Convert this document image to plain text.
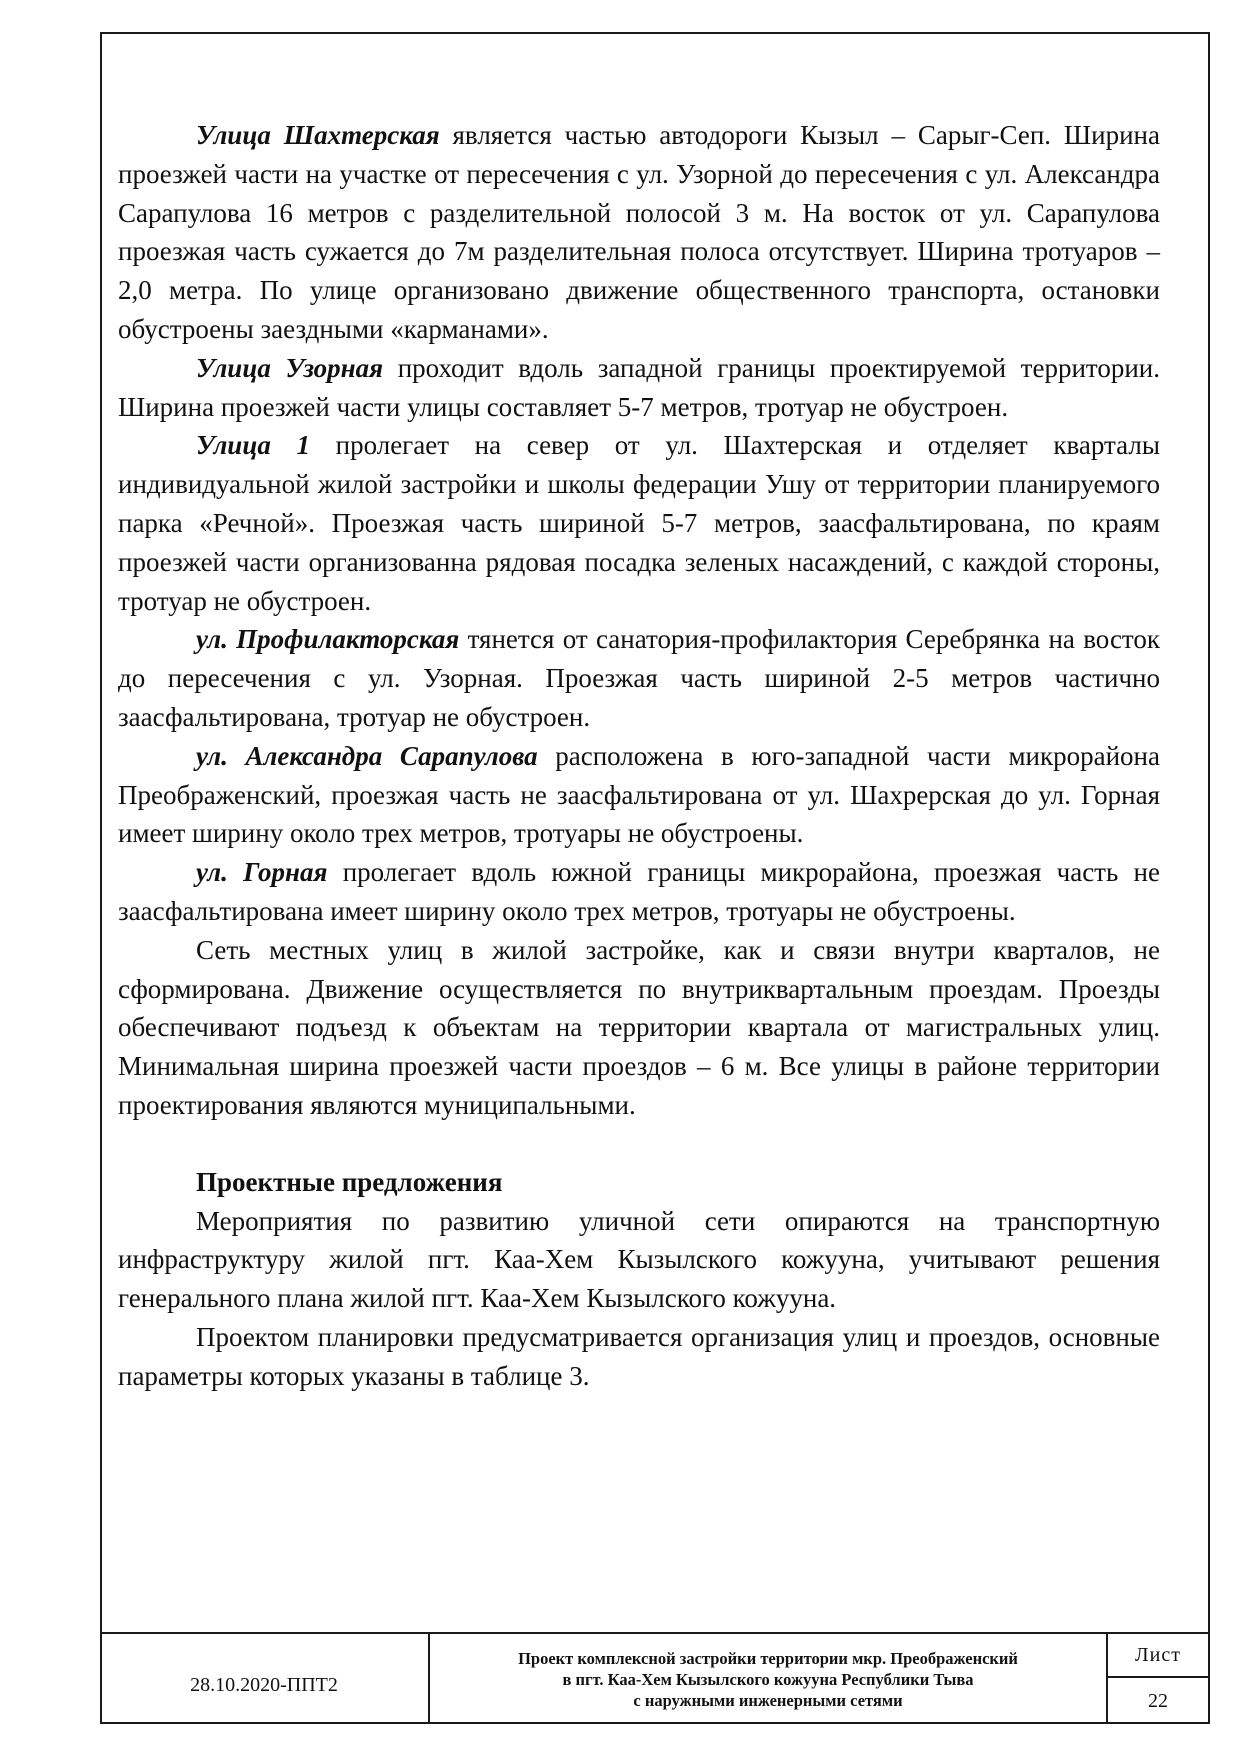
Улица Шахтерская является частью автодороги Кызыл – Сарыг-Сеп. Ширина проезжей части на участке от пересечения с ул. Узорной до пересечения с ул. Александра Сарапулова 16 метров с разделительной полосой 3 м. На восток от ул. Сарапулова проезжая часть сужается до 7м разделительная полоса отсутствует. Ширина тротуаров – 2,0 метра. По улице организовано движение общественного транспорта, остановки обустроены заездными «карманами».

Улица Узорная проходит вдоль западной границы проектируемой территории. Ширина проезжей части улицы составляет 5-7 метров, тротуар не обустроен.

Улица 1 пролегает на север от ул. Шахтерская и отделяет кварталы индивидуальной жилой застройки и школы федерации Ушу от территории планируемого парка «Речной». Проезжая часть шириной 5-7 метров, заасфальтирована, по краям проезжей части организованна рядовая посадка зеленых насаждений, с каждой стороны, тротуар не обустроен.

ул. Профилакторская тянется от санатория-профилактория Серебрянка на восток до пересечения с ул. Узорная. Проезжая часть шириной 2-5 метров частично заасфальтирована, тротуар не обустроен.

ул. Александра Сарапулова расположена в юго-западной части микрорайона Преображенский, проезжая часть не заасфальтирована от ул. Шахрерская до ул. Горная имеет ширину около трех метров, тротуары не обустроены.

ул. Горная пролегает вдоль южной границы микрорайона, проезжая часть не заасфальтирована имеет ширину около трех метров, тротуары не обустроены.

Сеть местных улиц в жилой застройке, как и связи внутри кварталов, не сформирована. Движение осуществляется по внутриквартальным проездам. Проезды обеспечивают подъезд к объектам на территории квартала от магистральных улиц. Минимальная ширина проезжей части проездов – 6 м. Все улицы в районе территории проектирования являются муниципальными.

Проектные предложения

Мероприятия по развитию уличной сети опираются на транспортную инфраструктуру жилой пгт. Каа-Хем Кызылского кожууна, учитывают решения генерального плана жилой пгт. Каа-Хем Кызылского кожууна.

Проектом планировки предусматривается организация улиц и проездов, основные параметры которых указаны в таблице 3.

28.10.2020-ППТ2
Проект комплексной застройки территории мкр. Преображенский
в пгт. Каа-Хем Кызылского кожууна Республики Тыва
с наружными инженерными сетями
Лист
22
